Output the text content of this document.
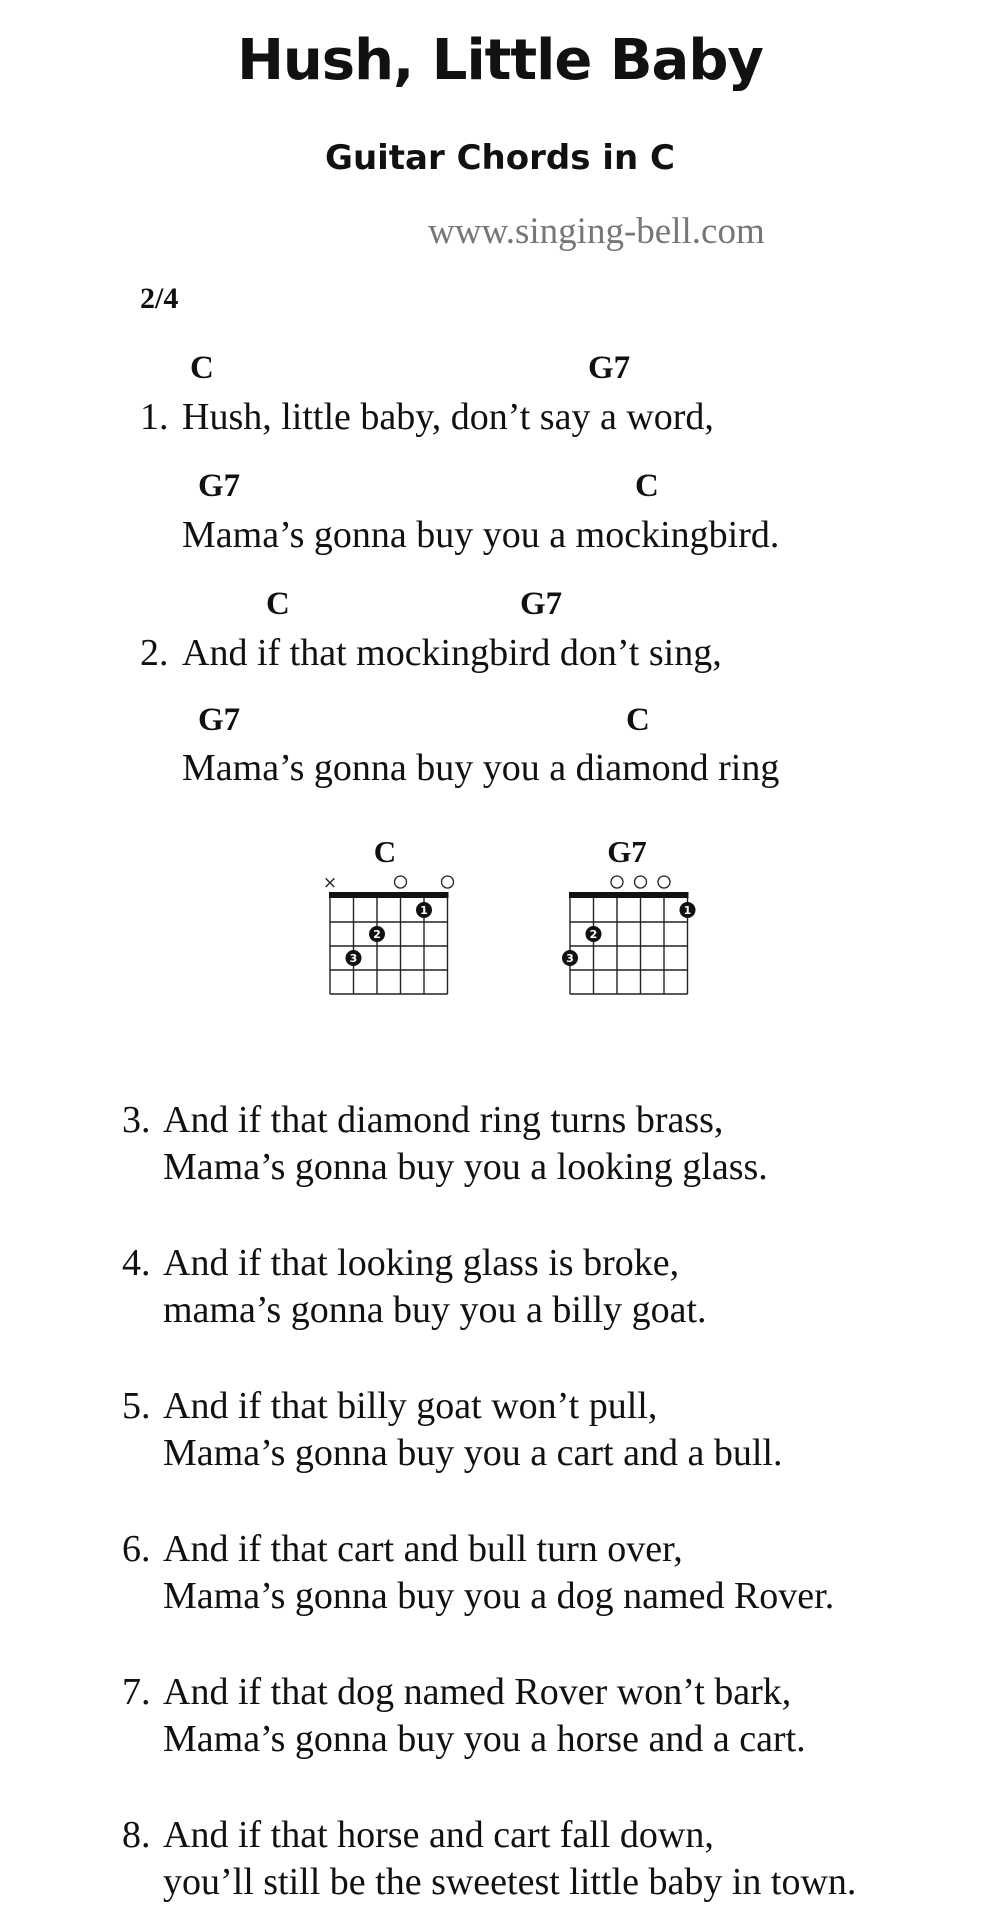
Hush, Little Baby
Guitar Chords in C
www.singing-bell.com
2/4
C	G7
1. Hush, little baby, don’t say a word,
G7	C
Mama’s gonna buy you a mockingbird.
C	G7
2. And if that mockingbird don’t sing,
G7	C
Mama’s gonna buy you a diamond ring
C
×
1
2
3
G7
1
2
3
3. And if that diamond ring turns brass,
Mama’s gonna buy you a looking glass.
4. And if that looking glass is broke,
mama’s gonna buy you a billy goat.
5. And if that billy goat won’t pull,
Mama’s gonna buy you a cart and a bull.
6. And if that cart and bull turn over,
Mama’s gonna buy you a dog named Rover.
7. And if that dog named Rover won’t bark,
Mama’s gonna buy you a horse and a cart.
8. And if that horse and cart fall down,
you’ll still be the sweetest little baby in town.
